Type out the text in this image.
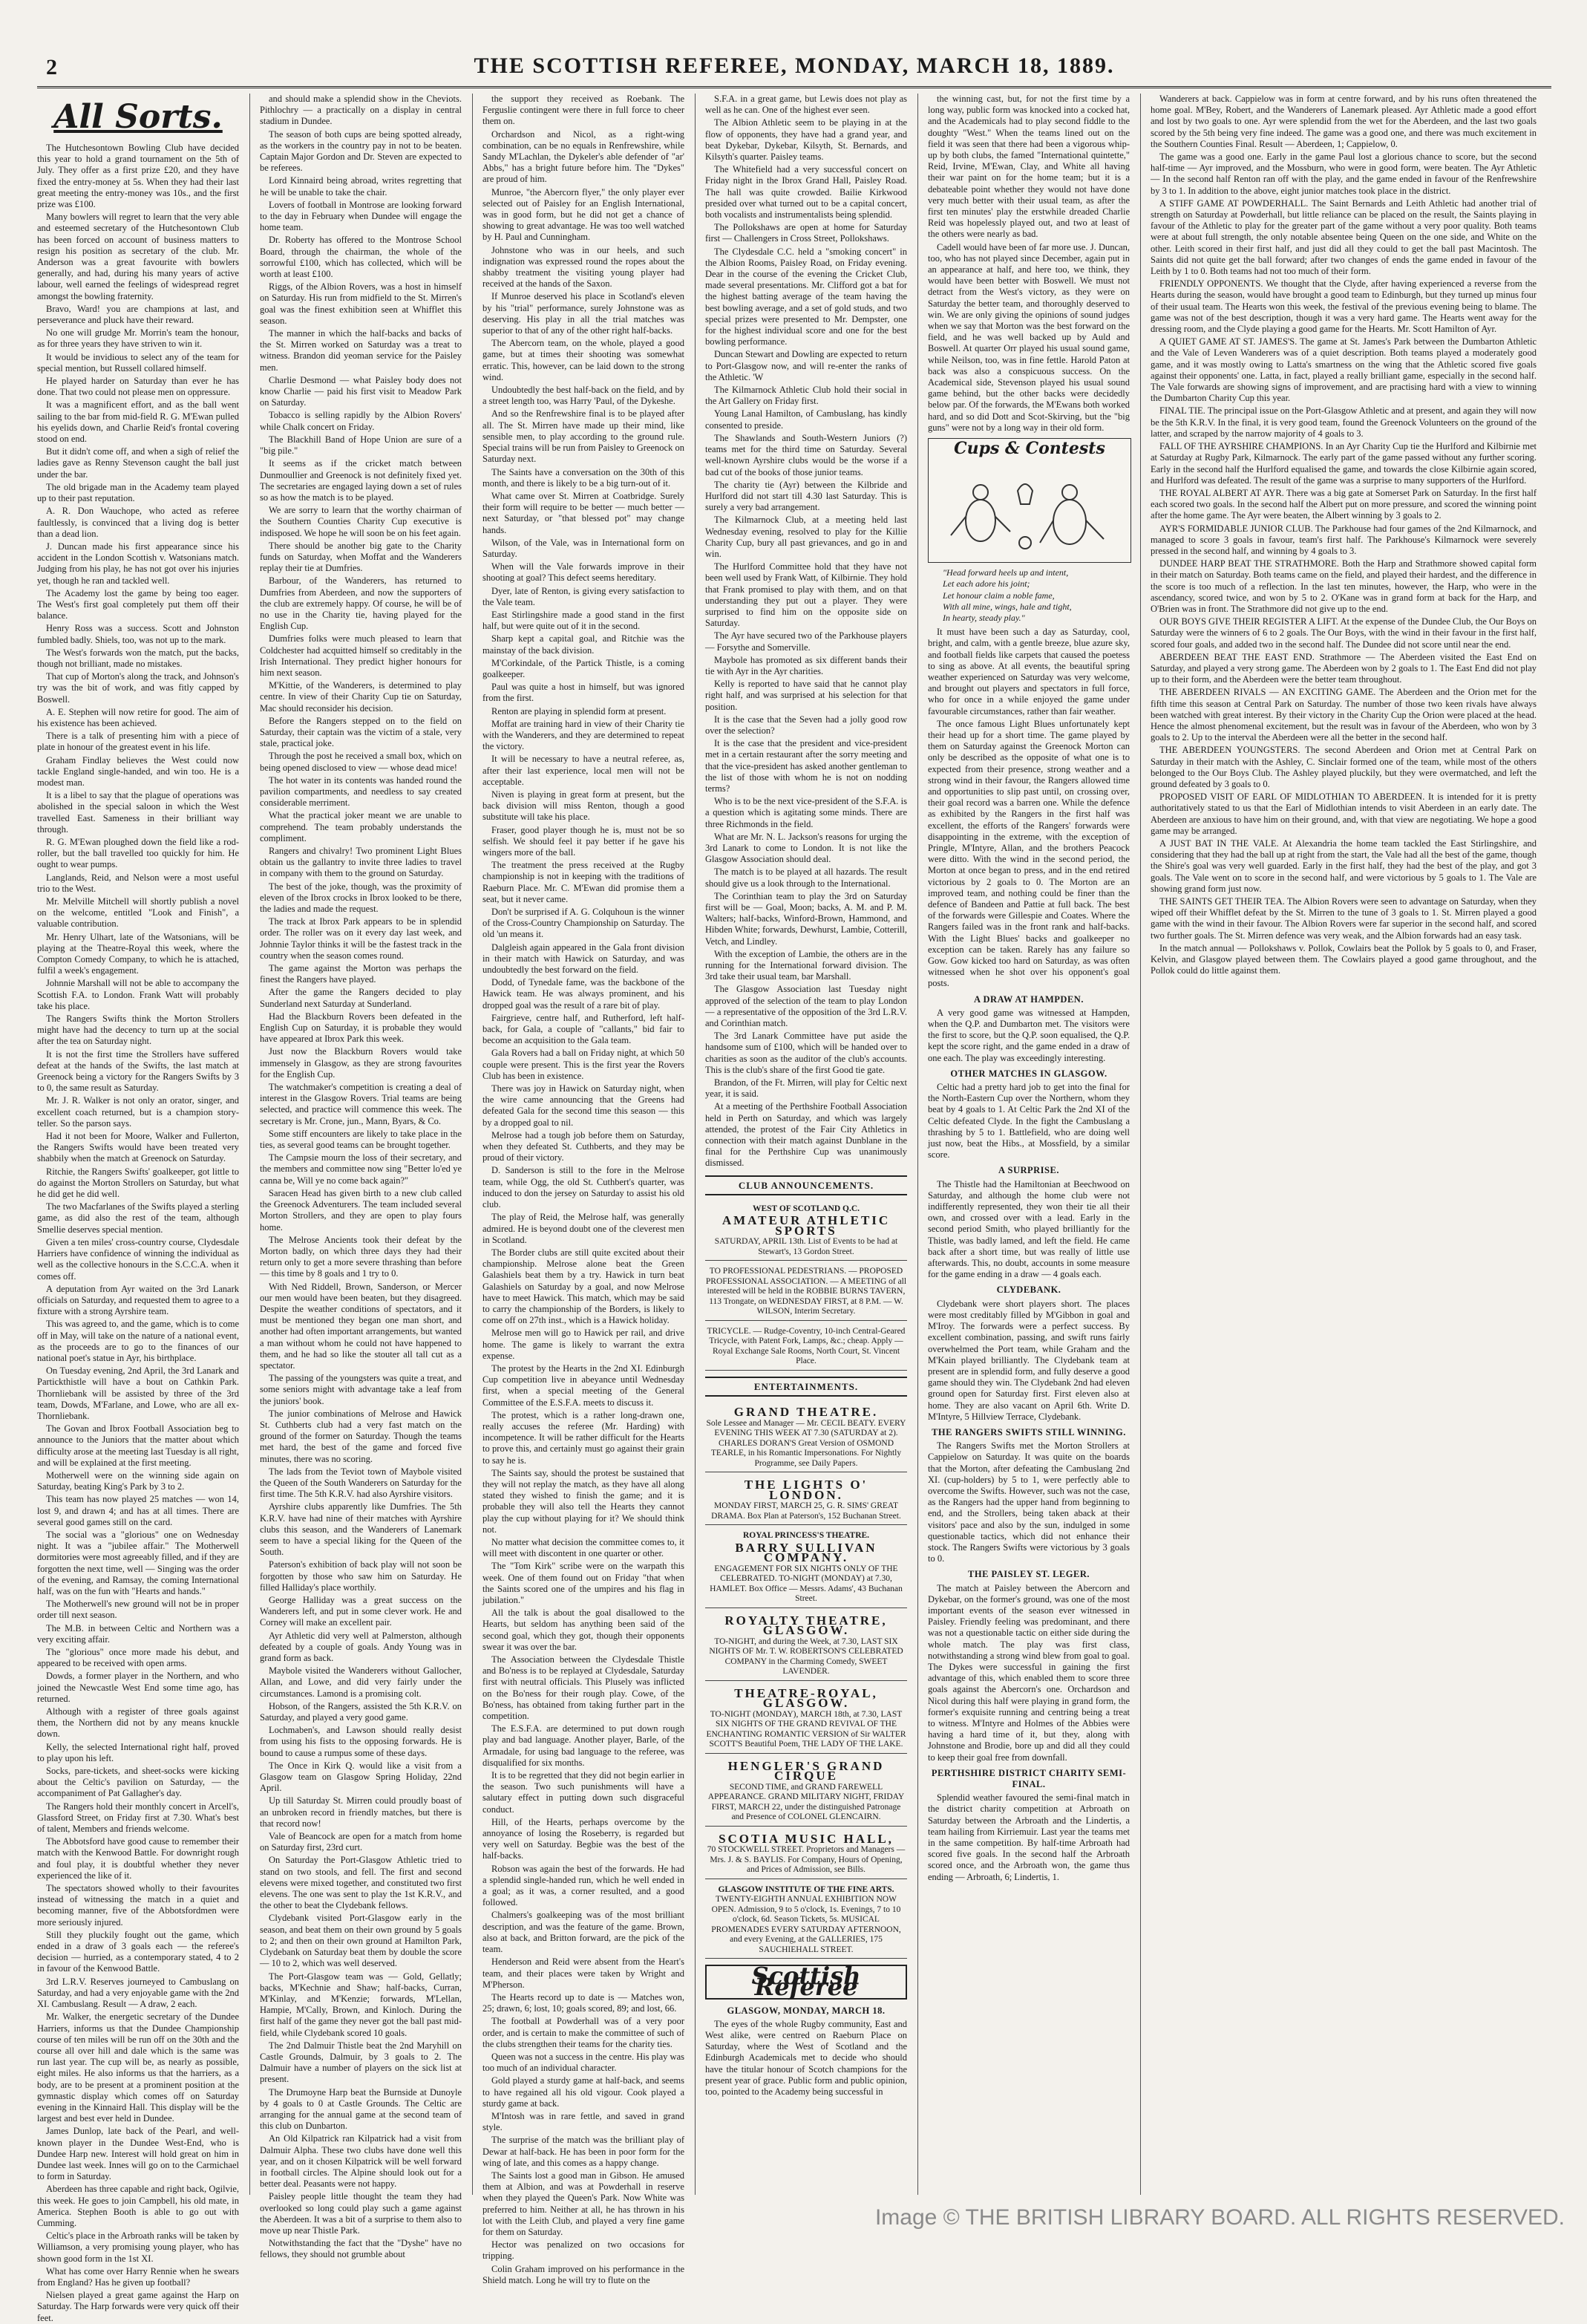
2	THE SCOTTISH REFEREE, MONDAY, MARCH 18, 1889.
All Sorts.

The Hutchesontown Bowling Club have decided this year to hold a grand tournament on the 5th of July. They offer as a first prize £20, and they have fixed the entry-money at 5s. When they had their last great meeting the entry-money was 10s., and the first prize was £100.

Many bowlers will regret to learn that the very able and esteemed secretary of the Hutchesontown Club has been forced on account of business matters to resign his position as secretary of the club. Mr. Anderson was a great favourite with bowlers generally, and had, during his many years of active labour, well earned the feelings of widespread regret amongst the bowling fraternity.

Bravo, Ward! you are champions at last, and perseverance and pluck have their reward.

No one will grudge Mr. Morrin's team the honour, as for three years they have striven to win it.

It would be invidious to select any of the team for special mention, but Russell collared himself.

He played harder on Saturday than ever he has done. That two could not please men on oppressure.

It was a magnificent effort, and as the ball went sailing to the bar from mid-field R. G. M'Ewan pulled his eyelids down, and Charlie Reid's frontal covering stood on end.

But it didn't come off, and when a sigh of relief the ladies gave as Renny Stevenson caught the ball just under the bar.

The old brigade man in the Academy team played up to their past reputation.

A. R. Don Wauchope, who acted as referee faultlessly, is convinced that a living dog is better than a dead lion.

J. Duncan made his first appearance since his accident in the London Scottish v. Watsonians match. Judging from his play, he has not got over his injuries yet, though he ran and tackled well.

The Academy lost the game by being too eager. The West's first goal completely put them off their balance.

Henry Ross was a success. Scott and Johnston fumbled badly. Shiels, too, was not up to the mark.

The West's forwards won the match, put the backs, though not brilliant, made no mistakes.

That cup of Morton's along the track, and Johnson's try was the bit of work, and was fitly capped by Boswell.

A. E. Stephen will now retire for good. The aim of his existence has been achieved.

There is a talk of presenting him with a piece of plate in honour of the greatest event in his life.

Graham Findlay believes the West could now tackle England single-handed, and win too. He is a modest man.

It is a libel to say that the plague of operations was abolished in the special saloon in which the West travelled East. Sameness in their brilliant way through.

R. G. M'Ewan ploughed down the field like a rod-roller, but the ball travelled too quickly for him. He ought to wear pumps.

Langlands, Reid, and Nelson were a most useful trio to the West.

Mr. Melville Mitchell will shortly publish a novel on the welcome, entitled "Look and Finish", a valuable contribution.

Mr. Henry Ulhart, late of the Watsonians, will be playing at the Theatre-Royal this week, where the Compton Comedy Company, to which he is attached, fulfil a week's engagement.

Johnnie Marshall will not be able to accompany the Scottish F.A. to London. Frank Watt will probably take his place.

The Rangers Swifts think the Morton Strollers might have had the decency to turn up at the social after the tea on Saturday night.

It is not the first time the Strollers have suffered defeat at the hands of the Swifts, the last match at Greenock being a victory for the Rangers Swifts by 3 to 0, the same result as Saturday.

Mr. J. R. Walker is not only an orator, singer, and excellent coach returned, but is a champion story-teller. So the parson says.

Had it not been for Moore, Walker and Fullerton, the Rangers Swifts would have been treated very shabbily when the match at Greenock on Saturday.

Ritchie, the Rangers Swifts' goalkeeper, got little to do against the Morton Strollers on Saturday, but what he did get he did well.

The two Macfarlanes of the Swifts played a sterling game, as did also the rest of the team, although Smellie deserves special mention.

Given a ten miles' cross-country course, Clydesdale Harriers have confidence of winning the individual as well as the collective honours in the S.C.C.A. when it comes off.

A deputation from Ayr waited on the 3rd Lanark officials on Saturday, and requested them to agree to a fixture with a strong Ayrshire team.

This was agreed to, and the game, which is to come off in May, will take on the nature of a national event, as the proceeds are to go to the finances of our national poet's statue in Ayr, his birthplace.

On Tuesday evening, 2nd April, the 3rd Lanark and Partickthistle will have a bout on Cathkin Park. Thornliebank will be assisted by three of the 3rd team, Dowds, M'Farlane, and Lowe, who are all ex-Thornliebank.

The Govan and Ibrox Football Association beg to announce to the Juniors that the matter about which difficulty arose at the meeting last Tuesday is all right, and will be explained at the first meeting.

Motherwell were on the winning side again on Saturday, beating King's Park by 3 to 2.

This team has now played 25 matches — won 14, lost 9, and drawn 4; and has at all times. There are several good games still on the card.

The social was a "glorious" one on Wednesday night. It was a "jubilee affair." The Motherwell dormitories were most agreeably filled, and if they are forgotten the next time, well — Singing was the order of the evening, and Ramsay, the coming International half, was on the fun with "Hearts and hands."

The Motherwell's new ground will not be in proper order till next season.

The M.B. in between Celtic and Northern was a very exciting affair.

The "glorious" once more made his debut, and appeared to be received with open arms.

Dowds, a former player in the Northern, and who joined the Newcastle West End some time ago, has returned.

Although with a register of three goals against them, the Northern did not by any means knuckle down.

Kelly, the selected International right half, proved to play upon his left.

Socks, pare-tickets, and sheet-socks were kicking about the Celtic's pavilion on Saturday, — the accompaniment of Pat Gallagher's day.

The Rangers hold their monthly concert in Arcell's, Glassford Street, on Friday first at 7.30. What's best of talent, Members and friends welcome.

The Abbotsford have good cause to remember their match with the Kenwood Battle. For downright rough and foul play, it is doubtful whether they never experienced the like of it.

The spectators showed wholly to their favourites instead of witnessing the match in a quiet and becoming manner, five of the Abbotsfordmen were more seriously injured.

Still they pluckily fought out the game, which ended in a draw of 3 goals each — the referee's decision — hurried, as a contemporary stated, 4 to 2 in favour of the Kenwood Battle.

3rd L.R.V. Reserves journeyed to Cambuslang on Saturday, and had a very enjoyable game with the 2nd XI. Cambuslang. Result — A draw, 2 each.

Mr. Walker, the energetic secretary of the Dundee Harriers, informs us that the Dundee Championship course of ten miles will be run off on the 30th and the course all over hill and dale which is the same was run last year. The cup will be, as nearly as possible, eight miles. He also informs us that the harriers, as a body, are to be present at a prominent position at the gymnastic display which comes off on Saturday evening in the Kinnaird Hall. This display will be the largest and best ever held in Dundee.

James Dunlop, late back of the Pearl, and well-known player in the Dundee West-End, who is Dundee Harp new. Interest will hold great on him in Dundee last week. Innes will go on to the Carmichael to form in Saturday.

Aberdeen has three capable and right back, Ogilvie, this week. He goes to join Campbell, his old mate, in America. Stephen Booth is able to go out with Cumming.

Celtic's place in the Arbroath ranks will be taken by Williamson, a very promising young player, who has shown good form in the 1st XI.

What has come over Harry Rennie when he swears from England? Has he given up football?

Nielsen played a great game against the Harp on Saturday. The Harp forwards were very quick off their feet.

and should make a splendid show in the Cheviots. Pithlochry — a practically on a display in central stadium in Dundee.

The season of both cups are being spotted already, as the workers in the country pay in not to be beaten. Captain Major Gordon and Dr. Steven are expected to be referees.

Lord Kinnaird being abroad, writes regretting that he will be unable to take the chair.

Lovers of football in Montrose are looking forward to the day in February when Dundee will engage the home team.

Dr. Roberty has offered to the Montrose School Board, through the chairman, the whole of the sorrowful £100, which has collected, which will be worth at least £100.

Riggs, of the Albion Rovers, was a host in himself on Saturday. His run from midfield to the St. Mirren's goal was the finest exhibition seen at Whifflet this season.

The manner in which the half-backs and backs of the St. Mirren worked on Saturday was a treat to witness. Brandon did yeoman service for the Paisley men.

Charlie Desmond — what Paisley body does not know Charlie — paid his first visit to Meadow Park on Saturday.

Tobacco is selling rapidly by the Albion Rovers' while Chalk concert on Friday.

The Blackhill Band of Hope Union are sure of a "big pile."

It seems as if the cricket match between Dunmoullier and Greenock is not definitely fixed yet. The secretaries are engaged laying down a set of rules so as how the match is to be played.

We are sorry to learn that the worthy chairman of the Southern Counties Charity Cup executive is indisposed. We hope he will soon be on his feet again.

There should be another big gate to the Charity funds on Saturday, when Moffat and the Wanderers replay their tie at Dumfries.

Barbour, of the Wanderers, has returned to Dumfries from Aberdeen, and now the supporters of the club are extremely happy. Of course, he will be of no use in the Charity tie, having played for the English Cup.

Dumfries folks were much pleased to learn that Coldchester had acquitted himself so creditably in the Irish International. They predict higher honours for him next season.

M'Kittie, of the Wanderers, is determined to play centre. In view of their Charity Cup tie on Saturday, Mac should reconsider his decision.

Before the Rangers stepped on to the field on Saturday, their captain was the victim of a stale, very stale, practical joke.

Through the post he received a small box, which on being opened disclosed to view — whose dead mice!

The hot water in its contents was handed round the pavilion compartments, and needless to say created considerable merriment.

What the practical joker meant we are unable to comprehend. The team probably understands the compliment.

Rangers and chivalry! Two prominent Light Blues obtain us the gallantry to invite three ladies to travel in company with them to the ground on Saturday.

The best of the joke, though, was the proximity of eleven of the Ibrox crocks in Ibrox looked to be there, the ladies and made the request.

The track at Ibrox Park appears to be in splendid order. The roller was on it every day last week, and Johnnie Taylor thinks it will be the fastest track in the country when the season comes round.

The game against the Morton was perhaps the finest the Rangers have played.

After the game the Rangers decided to play Sunderland next Saturday at Sunderland.

Had the Blackburn Rovers been defeated in the English Cup on Saturday, it is probable they would have appeared at Ibrox Park this week.

Just now the Blackburn Rovers would take immensely in Glasgow, as they are strong favourites for the English Cup.

The watchmaker's competition is creating a deal of interest in the Glasgow Rovers. Trial teams are being selected, and practice will commence this week. The secretary is Mr. Crone, jun., Mann, Byars, & Co.

Some stiff encounters are likely to take place in the ties, as several good teams can be brought together.

The Campsie mourn the loss of their secretary, and the members and committee now sing "Better lo'ed ye canna be, Will ye no come back again?"

Saracen Head has given birth to a new club called the Greenock Adventurers. The team included several Morton Strollers, and they are open to play fours home.

The Melrose Ancients took their defeat by the Morton badly, on which three days they had their return only to get a more severe thrashing than before — this time by 8 goals and 1 try to 0.

With Ned Riddell, Brown, Sanderson, or Mercer our men would have been beaten, but they disagreed. Despite the weather conditions of spectators, and it must be mentioned they began one man short, and another had often important arrangements, but wanted a man without whom he could not have happened to them, and he had so like the stouter all tall cut as a spectator.

The passing of the youngsters was quite a treat, and some seniors might with advantage take a leaf from the juniors' book.

The junior combinations of Melrose and Hawick St. Cuthberts club had a very fast match on the ground of the former on Saturday. Though the teams met hard, the best of the game and forced five minutes, there was no scoring.

The lads from the Teviot town of Maybole visited the Queen of the South Wanderers on Saturday for the first time. The 5th K.R.V. had also Ayrshire visitors.

Ayrshire clubs apparently like Dumfries. The 5th K.R.V. have had nine of their matches with Ayrshire clubs this season, and the Wanderers of Lanemark seem to have a special liking for the Queen of the South.

Paterson's exhibition of back play will not soon be forgotten by those who saw him on Saturday. He filled Halliday's place worthily.

George Halliday was a great success on the Wanderers left, and put in some clever work. He and Corney will make an excellent pair.

Ayr Athletic did very well at Palmerston, although defeated by a couple of goals. Andy Young was in grand form as back.

Maybole visited the Wanderers without Gallocher, Allan, and Lowe, and did very fairly under the circumstances. Lamond is a promising colt.

Hobson, of the Rangers, assisted the 5th K.R.V. on Saturday, and played a very good game.

Lochmaben's, and Lawson should really desist from using his fists to the opposing forwards. He is bound to cause a rumpus some of these days.

The Once in Kirk Q. would like a visit from a Glasgow team on Glasgow Spring Holiday, 22nd April.

Up till Saturday St. Mirren could proudly boast of an unbroken record in friendly matches, but there is that record now!

Vale of Beancock are open for a match from home on Saturday first, 23rd curt.

On Saturday the Port-Glasgow Athletic tried to stand on two stools, and fell. The first and second elevens were mixed together, and constituted two first elevens. The one was sent to play the 1st K.R.V., and the other to beat the Clydebank fellows.

Clydebank visited Port-Glasgow early in the season, and beat them on their own ground by 5 goals to 2; and then on their own ground at Hamilton Park, Clydebank on Saturday beat them by double the score — 10 to 2, which was well deserved.

The Port-Glasgow team was — Gold, Gellatly; backs, M'Kechnie and Shaw; half-backs, Curran, M'Kinlay, and M'Kenzie; forwards, M'Lellan, Hampie, M'Cally, Brown, and Kinloch. During the first half of the game they never got the ball past mid-field, while Clydebank scored 10 goals.

The 2nd Dalmuir Thistle beat the 2nd Maryhill on Castle Grounds, Dalmuir, by 3 goals to 2. The Dalmuir have a number of players on the sick list at present.

The Drumoyne Harp beat the Burnside at Dunoyle by 4 goals to 0 at Castle Grounds. The Celtic are arranging for the annual game at the second team of this club on Dunbarton.

An Old Kilpatrick ran Kilpatrick had a visit from Dalmuir Alpha. These two clubs have done well this year, and on it chosen Kilpatrick will be well forward in football circles. The Alpine should look out for a better deal. Peasants were not happy.

Paisley people little thought the team they had overlooked so long could play such a game against the Aberdeen. It was a bit of a surprise to them also to move up near Thistle Park.

Notwithstanding the fact that the "Dyshe" have no fellows, they should not grumble about

the support they received as Roebank. The Ferguslie contingent were there in full force to cheer them on.

Orchardson and Nicol, as a right-wing combination, can be no equals in Renfrewshire, while Sandy M'Lachlan, the Dykeler's able defender of "ar' Abbs," has a bright future before him. The "Dykes" are proud of him.

Munroe, "the Abercorn flyer," the only player ever selected out of Paisley for an English International, was in good form, but he did not get a chance of showing to great advantage. He was too well watched by H. Paul and Cunningham.

Johnstone who was in our heels, and such indignation was expressed round the ropes about the shabby treatment the visiting young player had received at the hands of the Saxon.

If Munroe deserved his place in Scotland's eleven by his "trial" performance, surely Johnstone was as deserving. His play in all the trial matches was superior to that of any of the other right half-backs.

The Abercorn team, on the whole, played a good game, but at times their shooting was somewhat erratic. This, however, can be laid down to the strong wind.

Undoubtedly the best half-back on the field, and by a street length too, was Harry 'Paul, of the Dykeshe.

And so the Renfrewshire final is to be played after all. The St. Mirren have made up their mind, like sensible men, to play according to the ground rule. Special trains will be run from Paisley to Greenock on Saturday next.

The Saints have a conversation on the 30th of this month, and there is likely to be a big turn-out of it.

What came over St. Mirren at Coatbridge. Surely their form will require to be better — much better — next Saturday, or "that blessed pot" may change hands.

Wilson, of the Vale, was in International form on Saturday.

When will the Vale forwards improve in their shooting at goal? This defect seems hereditary.

Dyer, late of Renton, is giving every satisfaction to the Vale team.

East Stirlingshire made a good stand in the first half, but were quite out of it in the second.

Sharp kept a capital goal, and Ritchie was the mainstay of the back division.

M'Corkindale, of the Partick Thistle, is a coming goalkeeper.

Paul was quite a host in himself, but was ignored from the first.

Renton are playing in splendid form at present.

Moffat are training hard in view of their Charity tie with the Wanderers, and they are determined to repeat the victory.

It will be necessary to have a neutral referee, as, after their last experience, local men will not be acceptable.

Niven is playing in great form at present, but the back division will miss Renton, though a good substitute will take his place.

Fraser, good player though he is, must not be so selfish. We should feel it pay better if he gave his wingers more of the ball.

The treatment the press received at the Rugby championship is not in keeping with the traditions of Raeburn Place. Mr. C. M'Ewan did promise them a seat, but it never came.

Don't be surprised if A. G. Colquhoun is the winner of the Cross-Country Championship on Saturday. The old 'un means it.

Dalgleish again appeared in the Gala front division in their match with Hawick on Saturday, and was undoubtedly the best forward on the field.

Dodd, of Tynedale fame, was the backbone of the Hawick team. He was always prominent, and his dropped goal was the result of a rare bit of play.

Fairgrieve, centre half, and Rutherford, left half-back, for Gala, a couple of "callants," bid fair to become an acquisition to the Gala team.

Gala Rovers had a ball on Friday night, at which 50 couple were present. This is the first year the Rovers Club has been in existence.

There was joy in Hawick on Saturday night, when the wire came announcing that the Greens had defeated Gala for the second time this season — this by a dropped goal to nil.

Melrose had a tough job before them on Saturday, when they defeated St. Cuthberts, and they may be proud of their victory.

D. Sanderson is still to the fore in the Melrose team, while Ogg, the old St. Cuthbert's quarter, was induced to don the jersey on Saturday to assist his old club.

The play of Reid, the Melrose half, was generally admired. He is beyond doubt one of the cleverest men in Scotland.

The Border clubs are still quite excited about their championship. Melrose alone beat the Green Galashiels beat them by a try. Hawick in turn beat Galashiels on Saturday by a goal, and now Melrose have to meet Hawick. This match, which may be said to carry the championship of the Borders, is likely to come off on 27th inst., which is a Hawick holiday.

Melrose men will go to Hawick per rail, and drive home. The game is likely to warrant the extra expense.

The protest by the Hearts in the 2nd XI. Edinburgh Cup competition live in abeyance until Wednesday first, when a special meeting of the General Committee of the E.S.F.A. meets to discuss it.

The protest, which is a rather long-drawn one, really accuses the referee (Mr. Harding) with incompetence. It will be rather difficult for the Hearts to prove this, and certainly must go against their grain to say he is.

The Saints say, should the protest be sustained that they will not replay the match, as they have all along stated they wished to finish the game; and it is probable they will also tell the Hearts they cannot play the cup without playing for it? We should think not.

No matter what decision the committee comes to, it will meet with discontent in one quarter or other.

The "Tom Kirk" scribe were on the warpath this week. One of them found out on Friday "that when the Saints scored one of the umpires and his flag in jubilation."

All the talk is about the goal disallowed to the Hearts, but seldom has anything been said of the second goal, which they got, though their opponents swear it was over the bar.

The Association between the Clydesdale Thistle and Bo'ness is to be replayed at Clydesdale, Saturday first with neutral officials. This Plusely was inflicted on the Bo'ness for their rough play. Cowe, of the Bo'ness, has obtained from taking further part in the competition.

The E.S.F.A. are determined to put down rough play and bad language. Another player, Barle, of the Armadale, for using bad language to the referee, was disqualified for six months.

It is to be regretted that they did not begin earlier in the season. Two such punishments will have a salutary effect in putting down such disgraceful conduct.

Hill, of the Hearts, perhaps overcome by the annoyance of losing the Roseberry, is regarded but very well on Saturday. Begbie was the best of the half-backs.

Robson was again the best of the forwards. He had a splendid single-handed run, which he well ended in a goal; as it was, a corner resulted, and a good followed.

Chalmers's goalkeeping was of the most brilliant description, and was the feature of the game. Brown, also at back, and Britton forward, are the pick of the team.

Henderson and Reid were absent from the Heart's team, and their places were taken by Wright and M'Pherson.

The Hearts record up to date is — Matches won, 25; drawn, 6; lost, 10; goals scored, 89; and lost, 66.

The football at Powderhall was of a very poor order, and is certain to make the committee of such of the clubs strengthen their teams for the charity ties.

Queen was not a success in the centre. His play was too much of an individual character.

Gold played a sturdy game at half-back, and seems to have regained all his old vigour. Cook played a sturdy game at back.

M'Intosh was in rare fettle, and saved in grand style.

The surprise of the match was the brilliant play of Dewar at half-back. He has been in poor form for the wing of late, and this comes as a happy change.

The Saints lost a good man in Gibson. He amused them at Albion, and was at Powderhall in reserve when they played the Queen's Park. Now White was preferred to him. Neither at all, he has thrown in his lot with the Leith Club, and played a very fine game for them on Saturday.

Hector was penalized on two occasions for tripping.

Colin Graham improved on his performance in the Shield match. Long he will try to flute on the

S.F.A. in a great game, but Lewis does not play as well as he can. One of the highest ever seen.

The Albion Athletic seem to be playing in at the flow of opponents, they have had a grand year, and beat Dykebar, Dykebar, Kilsyth, St. Bernards, and Kilsyth's quarter. Paisley teams.

The Whitefield had a very successful concert on Friday night in the Ibrox Grand Hall, Paisley Road. The hall was quite crowded. Bailie Kirkwood presided over what turned out to be a capital concert, both vocalists and instrumentalists being splendid.

The Pollokshaws are open at home for Saturday first — Challengers in Cross Street, Pollokshaws.

The Clydesdale C.C. held a "smoking concert" in the Albion Rooms, Paisley Road, on Friday evening. Dear in the course of the evening the Cricket Club, made several presentations. Mr. Clifford got a bat for the highest batting average of the team having the best bowling average, and a set of gold studs, and two special prizes were presented to Mr. Dempster, one for the highest individual score and one for the best bowling performance.

Duncan Stewart and Dowling are expected to return to Port-Glasgow now, and will re-enter the ranks of the Athletic. 'W

The Kilmarnock Athletic Club hold their social in the Art Gallery on Friday first.

Young Lanal Hamilton, of Cambuslang, has kindly consented to preside.

The Shawlands and South-Western Juniors (?) teams met for the third time on Saturday. Several well-known Ayrshire clubs would be the worse if a bad cut of the books of those junior teams.

The charity tie (Ayr) between the Kilbride and Hurlford did not start till 4.30 last Saturday. This is surely a very bad arrangement.

The Kilmarnock Club, at a meeting held last Wednesday evening, resolved to play for the Killie Charity Cup, bury all past grievances, and go in and win.

The Hurlford Committee hold that they have not been well used by Frank Watt, of Kilbirnie. They hold that Frank promised to play with them, and on that understanding they put out a player. They were surprised to find him on the opposite side on Saturday.

The Ayr have secured two of the Parkhouse players — Forsythe and Somerville.

Maybole has promoted as six different bands their tie with Ayr in the Ayr charities.

Kelly is reported to have said that he cannot play right half, and was surprised at his selection for that position.

It is the case that the Seven had a jolly good row over the selection?

It is the case that the president and vice-president met in a certain restaurant after the sorry meeting and that the vice-president has asked another gentleman to the list of those with whom he is not on nodding terms?

Who is to be the next vice-president of the S.F.A. is a question which is agitating some minds. There are three Richmonds in the field.

What are Mr. N. L. Jackson's reasons for urging the 3rd Lanark to come to London. It is not like the Glasgow Association should deal.

The match is to be played at all hazards. The result should give us a look through to the International.

The Corinthian team to play the 3rd on Saturday first will be — Goal, Moon; backs, A. M. and P. M. Walters; half-backs, Winford-Brown, Hammond, and Hibden White; forwards, Dewhurst, Lambie, Cotterill, Vetch, and Lindley.

With the exception of Lambie, the others are in the running for the International forward division. The 3rd take their usual team, bar Marshall.

The Glasgow Association last Tuesday night approved of the selection of the team to play London — a representative of the opposition of the 3rd L.R.V. and Corinthian match.

The 3rd Lanark Committee have put aside the handsome sum of £100, which will be handed over to charities as soon as the auditor of the club's accounts. This is the club's share of the first Good tie gate.

Brandon, of the Ft. Mirren, will play for Celtic next year, it is said.

At a meeting of the Perthshire Football Association held in Perth on Saturday, and which was largely attended, the protest of the Fair City Athletics in connection with their match against Dunblane in the final for the Perthshire Cup was unanimously dismissed.

CLUB ANNOUNCEMENTS.
WEST OF SCOTLAND Q.C.
AMATEUR ATHLETIC SPORTS
SATURDAY, APRIL 13th. List of Events to be had at Stewart's, 13 Gordon Street.
TO PROFESSIONAL PEDESTRIANS. — PROPOSED PROFESSIONAL ASSOCIATION. — A MEETING of all interested will be held in the ROBBIE BURNS TAVERN, 113 Trongate, on WEDNESDAY FIRST, at 8 P.M. — W. WILSON, Interim Secretary.
TRICYCLE. — Rudge-Coventry, 10-inch Central-Geared Tricycle, with Patent Fork, Lamps, &c.; cheap. Apply — Royal Exchange Sale Rooms, North Court, St. Vincent Place.
ENTERTAINMENTS.
GRAND THEATRE.
Sole Lessee and Manager — Mr. CECIL BEATY. EVERY EVENING THIS WEEK AT 7.30 (SATURDAY at 2). CHARLES DORAN'S Great Version of OSMOND TEARLE, in his Romantic Impersonations. For Nightly Programme, see Daily Papers.
THE LIGHTS O' LONDON.
MONDAY FIRST, MARCH 25, G. R. SIMS' GREAT DRAMA. Box Plan at Paterson's, 152 Buchanan Street.
ROYAL PRINCESS'S THEATRE.
BARRY SULLIVAN COMPANY.
ENGAGEMENT FOR SIX NIGHTS ONLY OF THE CELEBRATED. TO-NIGHT (MONDAY) at 7.30, HAMLET. Box Office — Messrs. Adams', 43 Buchanan Street.
ROYALTY THEATRE, GLASGOW.
TO-NIGHT, and during the Week, at 7.30, LAST SIX NIGHTS OF Mr. T. W. ROBERTSON'S CELEBRATED COMPANY in the Charming Comedy, SWEET LAVENDER.
THEATRE-ROYAL, GLASGOW.
TO-NIGHT (MONDAY), MARCH 18th, at 7.30, LAST SIX NIGHTS OF THE GRAND REVIVAL OF THE ENCHANTING ROMANTIC VERSION of Sir WALTER SCOTT'S Beautiful Poem, THE LADY OF THE LAKE.
HENGLER'S GRAND CIRQUE
SECOND TIME, and GRAND FAREWELL APPEARANCE. GRAND MILITARY NIGHT, FRIDAY FIRST, MARCH 22, under the distinguished Patronage and Presence of COLONEL GLENCAIRN.
SCOTIA MUSIC HALL,
70 STOCKWELL STREET. Proprietors and Managers — Mrs. J. & S. BAYLIS. For Company, Hours of Opening, and Prices of Admission, see Bills.
GLASGOW INSTITUTE OF THE FINE ARTS.
TWENTY-EIGHTH ANNUAL EXHIBITION NOW OPEN. Admission, 9 to 5 o'clock, 1s. Evenings, 7 to 10 o'clock, 6d. Season Tickets, 5s. MUSICAL PROMENADES EVERY SATURDAY AFTERNOON, and every Evening, at the GALLERIES, 175 SAUCHIEHALL STREET.
Scottish Referee
GLASGOW, MONDAY, MARCH 18.

The eyes of the whole Rugby community, East and West alike, were centred on Raeburn Place on Saturday, where the West of Scotland and the Edinburgh Academicals met to decide who should have the titular honour of Scotch champions for the present year of grace. Public form and public opinion, too, pointed to the Academy being successful in

the winning cast, but, for not the first time by a long way, public form was knocked into a cocked hat, and the Academicals had to play second fiddle to the doughty "West." When the teams lined out on the field it was seen that there had been a vigorous whip-up by both clubs, the famed "International quintette," Reid, Irvine, M'Ewan, Clay, and White all having their war paint on for the home team; but it is a debateable point whether they would not have done very much better with their usual team, as after the first ten minutes' play the erstwhile dreaded Charlie Reid was hopelessly played out, and two at least of the others were nearly as bad.

Cadell would have been of far more use. J. Duncan, too, who has not played since December, again put in an appearance at half, and here too, we think, they would have been better with Boswell. We must not detract from the West's victory, as they were on Saturday the better team, and thoroughly deserved to win. We are only giving the opinions of sound judges when we say that Morton was the best forward on the field, and he was well backed up by Auld and Boswell. At quarter Orr played his usual sound game, while Neilson, too, was in fine fettle. Harold Paton at back was also a conspicuous success. On the Academical side, Stevenson played his usual sound game behind, but the other backs were decidedly below par. Of the forwards, the M'Ewans both worked hard, and so did Dott and Scot-Skirving, but the "big guns" were not by a long way in their old form.

Cups & Contests
"Head forward heels up and intent,
Let each adore his joint;
Let honour claim a noble fame,
With all mine, wings, hale and tight,
In hearty, steady play."

It must have been such a day as Saturday, cool, bright, and calm, with a gentle breeze, blue azure sky, and football fields like carpets that caused the poetess to sing as above. At all events, the beautiful spring weather experienced on Saturday was very welcome, and brought out players and spectators in full force, who for once in a while enjoyed the game under favourable circumstances, rather than fair weather.

The once famous Light Blues unfortunately kept their head up for a short time. The game played by them on Saturday against the Greenock Morton can only be described as the opposite of what one is to expected from their presence, strong weather and a strong wind in their favour, the Rangers allowed time and opportunities to slip past until, on crossing over, their goal record was a barren one. While the defence as exhibited by the Rangers in the first half was excellent, the efforts of the Rangers' forwards were disappointing in the extreme, with the exception of Pringle, M'Intyre, Allan, and the brothers Peacock were ditto. With the wind in the second period, the Morton at once began to press, and in the end retired victorious by 2 goals to 0. The Morton are an improved team, and nothing could be finer than the defence of Bandeen and Pattie at full back. The best of the forwards were Gillespie and Coates. Where the Rangers failed was in the front rank and half-backs. With the Light Blues' backs and goalkeeper no exception can be taken. Rarely has any failure so Gow. Gow kicked too hard on Saturday, as was often witnessed when he shot over his opponent's goal posts.

A DRAW AT HAMPDEN.

A very good game was witnessed at Hampden, when the Q.P. and Dumbarton met. The visitors were the first to score, but the Q.P. soon equalised, the Q.P. kept the score right, and the game ended in a draw of one each. The play was exceedingly interesting.

OTHER MATCHES IN GLASGOW.

Celtic had a pretty hard job to get into the final for the North-Eastern Cup over the Northern, whom they beat by 4 goals to 1. At Celtic Park the 2nd XI of the Celtic defeated Clyde. In the fight the Cambuslang a thrashing by 5 to 1. Battlefield, who are doing well just now, beat the Hibs., at Mossfield, by a similar score.

A SURPRISE.

The Thistle had the Hamiltonian at Beechwood on Saturday, and although the home club were not indifferently represented, they won their tie all their own, and crossed over with a lead. Early in the second period Smith, who played brilliantly for the Thistle, was badly lamed, and left the field. He came back after a short time, but was really of little use afterwards. This, no doubt, accounts in some measure for the game ending in a draw — 4 goals each.

CLYDEBANK.

Clydebank were short players short. The places were most creditably filled by M'Gibbon in goal and M'Iroy. The forwards were a perfect success. By excellent combination, passing, and swift runs fairly overwhelmed the Port team, while Graham and the M'Kain played brilliantly. The Clydebank team at present are in splendid form, and fully deserve a good game should they win. The Clydebank 2nd had eleven ground open for Saturday first. First eleven also at home. They are also vacant on April 6th. Write D. M'Intyre, 5 Hillview Terrace, Clydebank.

THE RANGERS SWIFTS STILL WINNING.

The Rangers Swifts met the Morton Strollers at Cappielow on Saturday. It was quite on the boards that the Morton, after defeating the Cambuslang 2nd XI. (cup-holders) by 5 to 1, were perfectly able to overcome the Swifts. However, such was not the case, as the Rangers had the upper hand from beginning to end, and the Strollers, being taken aback at their visitors' pace and also by the sun, indulged in some questionable tactics, which did not enhance their stock. The Rangers Swifts were victorious by 3 goals to 0.

THE PAISLEY ST. LEGER.

The match at Paisley between the Abercorn and Dykebar, on the former's ground, was one of the most important events of the season ever witnessed in Paisley. Friendly feeling was predominant, and there was not a questionable tactic on either side during the whole match. The play was first class, notwithstanding a strong wind blew from goal to goal. The Dykes were successful in gaining the first advantage of this, which enabled them to score three goals against the Abercorn's one. Orchardson and Nicol during this half were playing in grand form, the former's exquisite running and centring being a treat to witness. M'Intyre and Holmes of the Abbies were having a hard time of it, but they, along with Johnstone and Brodie, bore up and did all they could to keep their goal free from downfall.

PERTHSHIRE DISTRICT CHARITY SEMI-FINAL.

Splendid weather favoured the semi-final match in the district charity competition at Arbroath on Saturday between the Arbroath and the Lindertis, a team hailing from Kirriemuir. Last year the teams met in the same competition. By half-time Arbroath had scored five goals. In the second half the Arbroath scored once, and the Arbroath won, the game thus ending — Arbroath, 6; Lindertis, 1.

Wanderers at back. Cappielow was in form at centre forward, and by his runs often threatened the home goal. M'Bey, Robert, and the Wanderers of Lanemark pleased. Ayr Athletic made a good effort and lost by two goals to one. Ayr were splendid from the wet for the Aberdeen, and the last two goals scored by the 5th being very fine indeed. The game was a good one, and there was much excitement in the Southern Counties Final. Result — Aberdeen, 1; Cappielow, 0.

The game was a good one. Early in the game Paul lost a glorious chance to score, but the second half-time — Ayr improved, and the Mossburn, who were in good form, were beaten. The Ayr Athletic — In the second half Renton ran off with the play, and the game ended in favour of the Renfrewshire by 3 to 1. In addition to the above, eight junior matches took place in the district.

A STIFF GAME AT POWDERHALL. The Saint Bernards and Leith Athletic had another trial of strength on Saturday at Powderhall, but little reliance can be placed on the result, the Saints playing in favour of the Athletic to play for the greater part of the game without a very poor quality. Both teams were at about full strength, the only notable absentee being Queen on the one side, and White on the other. Leith scored in their first half, and just did all they could to get the ball past Macintosh. The Saints did not quite get the ball forward; after two changes of ends the game ended in favour of the Leith by 1 to 0. Both teams had not too much of their form.

FRIENDLY OPPONENTS. We thought that the Clyde, after having experienced a reverse from the Hearts during the season, would have brought a good team to Edinburgh, but they turned up minus four of their usual team. The Hearts won this week, the festival of the previous evening being to blame. The game was not of the best description, though it was a very hard game. The Hearts went away for the dressing room, and the Clyde playing a good game for the Hearts. Mr. Scott Hamilton of Ayr.

A QUIET GAME AT ST. JAMES'S. The game at St. James's Park between the Dumbarton Athletic and the Vale of Leven Wanderers was of a quiet description. Both teams played a moderately good game, and it was mostly owing to Latta's smartness on the wing that the Athletic scored five goals against their opponents' one. Latta, in fact, played a really brilliant game, especially in the second half. The Vale forwards are showing signs of improvement, and are practising hard with a view to winning the Dumbarton Charity Cup this year.

FINAL TIE. The principal issue on the Port-Glasgow Athletic and at present, and again they will now be the 5th K.R.V. In the final, it is very good team, found the Greenock Volunteers on the ground of the latter, and scraped by the narrow majority of 4 goals to 3.

FALL OF THE AYRSHIRE CHAMPIONS. In an Ayr Charity Cup tie the Hurlford and Kilbirnie met at Saturday at Rugby Park, Kilmarnock. The early part of the game passed without any further scoring. Early in the second half the Hurlford equalised the game, and towards the close Kilbirnie again scored, and Hurlford was defeated. The result of the game was a surprise to many supporters of the Hurlford.

THE ROYAL ALBERT AT AYR. There was a big gate at Somerset Park on Saturday. In the first half each scored two goals. In the second half the Albert put on more pressure, and scored the winning point after the home game. The Ayr were beaten, the Albert winning by 3 goals to 2.

AYR'S FORMIDABLE JUNIOR CLUB. The Parkhouse had four games of the 2nd Kilmarnock, and managed to score 3 goals in favour, team's first half. The Parkhouse's Kilmarnock were severely pressed in the second half, and winning by 4 goals to 3.

DUNDEE HARP BEAT THE STRATHMORE. Both the Harp and Strathmore showed capital form in their match on Saturday. Both teams came on the field, and played their hardest, and the difference in the score is too much of a reflection. In the last ten minutes, however, the Harp, who were in the ascendancy, scored twice, and won by 5 to 2. O'Kane was in grand form at back for the Harp, and O'Brien was in front. The Strathmore did not give up to the end.

OUR BOYS GIVE THEIR REGISTER A LIFT. At the expense of the Dundee Club, the Our Boys on Saturday were the winners of 6 to 2 goals. The Our Boys, with the wind in their favour in the first half, scored four goals, and added two in the second half. The Dundee did not score until near the end.

ABERDEEN BEAT THE EAST END. Strathmore — The Aberdeen visited the East End on Saturday, and played a very strong game. The Aberdeen won by 2 goals to 1. The East End did not play up to their form, and the Aberdeen were the better team throughout.

THE ABERDEEN RIVALS — AN EXCITING GAME. The Aberdeen and the Orion met for the fifth time this season at Central Park on Saturday. The number of those two keen rivals have always been watched with great interest. By their victory in the Charity Cup the Orion were placed at the head. Hence the almost phenomenal excitement, but the result was in favour of the Aberdeen, who won by 3 goals to 2. Up to the interval the Aberdeen were all the better in the second half.

THE ABERDEEN YOUNGSTERS. The second Aberdeen and Orion met at Central Park on Saturday in their match with the Ashley, C. Sinclair formed one of the team, while most of the others belonged to the Our Boys Club. The Ashley played pluckily, but they were overmatched, and left the ground defeated by 3 goals to 0.

PROPOSED VISIT OF EARL OF MIDLOTHIAN TO ABERDEEN. It is intended for it is pretty authoritatively stated to us that the Earl of Midlothian intends to visit Aberdeen in an early date. The Aberdeen are anxious to have him on their ground, and, with that view are negotiating. We hope a good game may be arranged.

A JUST BAT IN THE VALE. At Alexandria the home team tackled the East Stirlingshire, and considering that they had the ball up at right from the start, the Vale had all the best of the game, though the Shire's goal was very well guarded. Early in the first half, they had the best of the play, and got 3 goals. The Vale went on to score in the second half, and were victorious by 5 goals to 1. The Vale are showing grand form just now.

THE SAINTS GET THEIR TEA. The Albion Rovers were seen to advantage on Saturday, when they wiped off their Whifflet defeat by the St. Mirren to the tune of 3 goals to 1. St. Mirren played a good game with the wind in their favour. The Albion Rovers were far superior in the second half, and scored two further goals. The St. Mirren defence was very weak, and the Albion forwards had an easy task.

In the match annual — Pollokshaws v. Pollok, Cowlairs beat the Pollok by 5 goals to 0, and Fraser, Kelvin, and Glasgow played between them. The Cowlairs played a good game throughout, and the Pollok could do little against them.

Image © THE BRITISH LIBRARY BOARD. ALL RIGHTS RESERVED.
